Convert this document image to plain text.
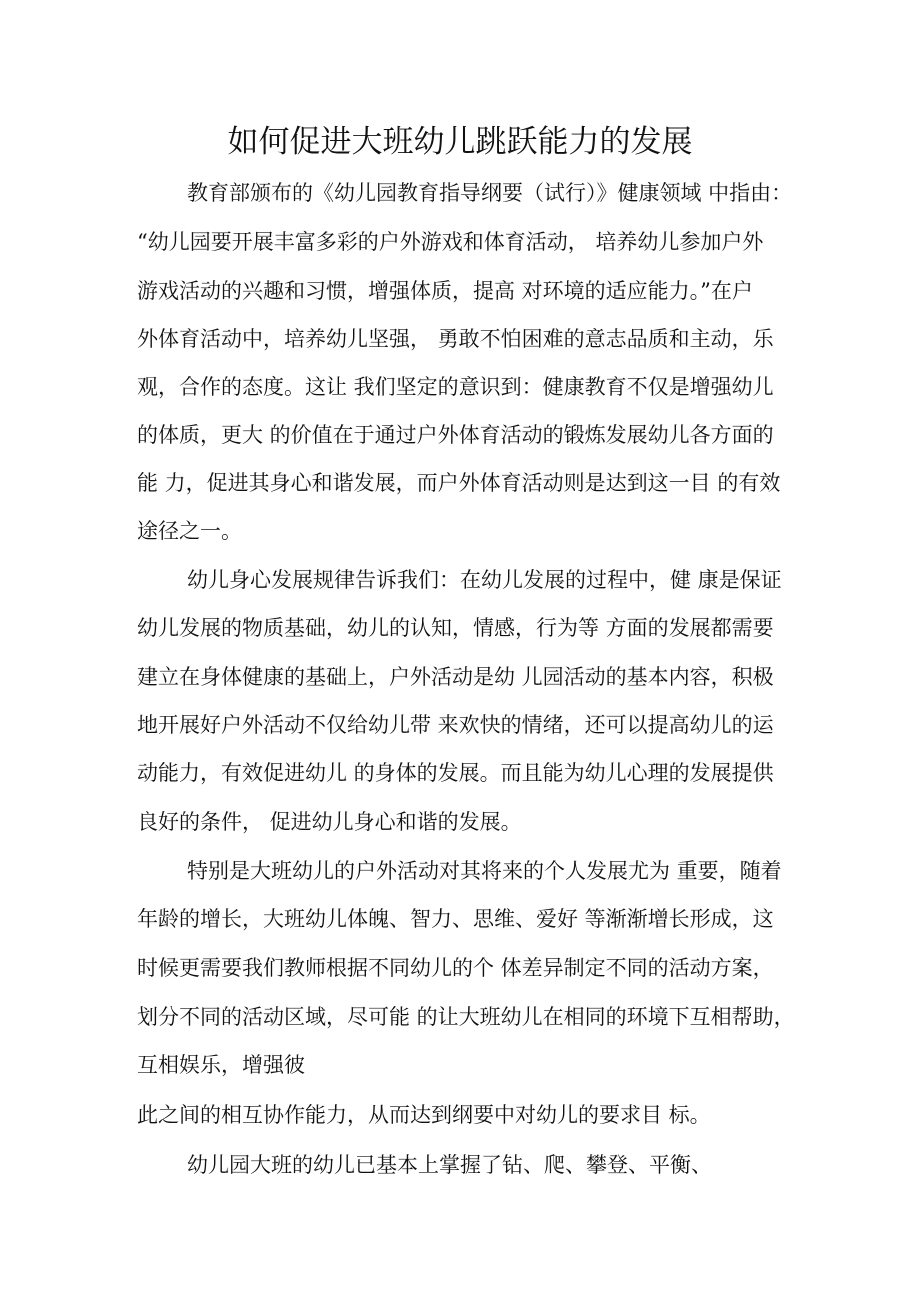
如何促进大班幼儿跳跃能力的发展
教育部颁布的《幼儿园教育指导纲要（试行）》健康领域 中指由：
“幼儿园要开展丰富多彩的户外游戏和体育活动， 培养幼儿参加户外
游戏活动的兴趣和习惯，增强体质，提高 对环境的适应能力。”在户
外体育活动中，培养幼儿坚强， 勇敢不怕困难的意志品质和主动，乐
观，合作的态度。这让 我们坚定的意识到：健康教育不仅是增强幼儿
的体质，更大 的价值在于通过户外体育活动的锻炼发展幼儿各方面的
能 力，促进其身心和谐发展，而户外体育活动则是达到这一目 的有效
途径之一。
幼儿身心发展规律告诉我们：在幼儿发展的过程中，健 康是保证
幼儿发展的物质基础，幼儿的认知，情感，行为等 方面的发展都需要
建立在身体健康的基础上，户外活动是幼 儿园活动的基本内容，积极
地开展好户外活动不仅给幼儿带 来欢快的情绪，还可以提高幼儿的运
动能力，有效促进幼儿 的身体的发展。而且能为幼儿心理的发展提供
良好的条件， 促进幼儿身心和谐的发展。
特别是大班幼儿的户外活动对其将来的个人发展尤为 重要，随着
年龄的增长，大班幼儿体魄、智力、思维、爱好 等渐渐增长形成，这
时候更需要我们教师根据不同幼儿的个 体差异制定不同的活动方案，
划分不同的活动区域，尽可能 的让大班幼儿在相同的环境下互相帮助，
互相娱乐，增强彼
此之间的相互协作能力，从而达到纲要中对幼儿的要求目 标。
幼儿园大班的幼儿已基本上掌握了钻、爬、攀登、平衡、
